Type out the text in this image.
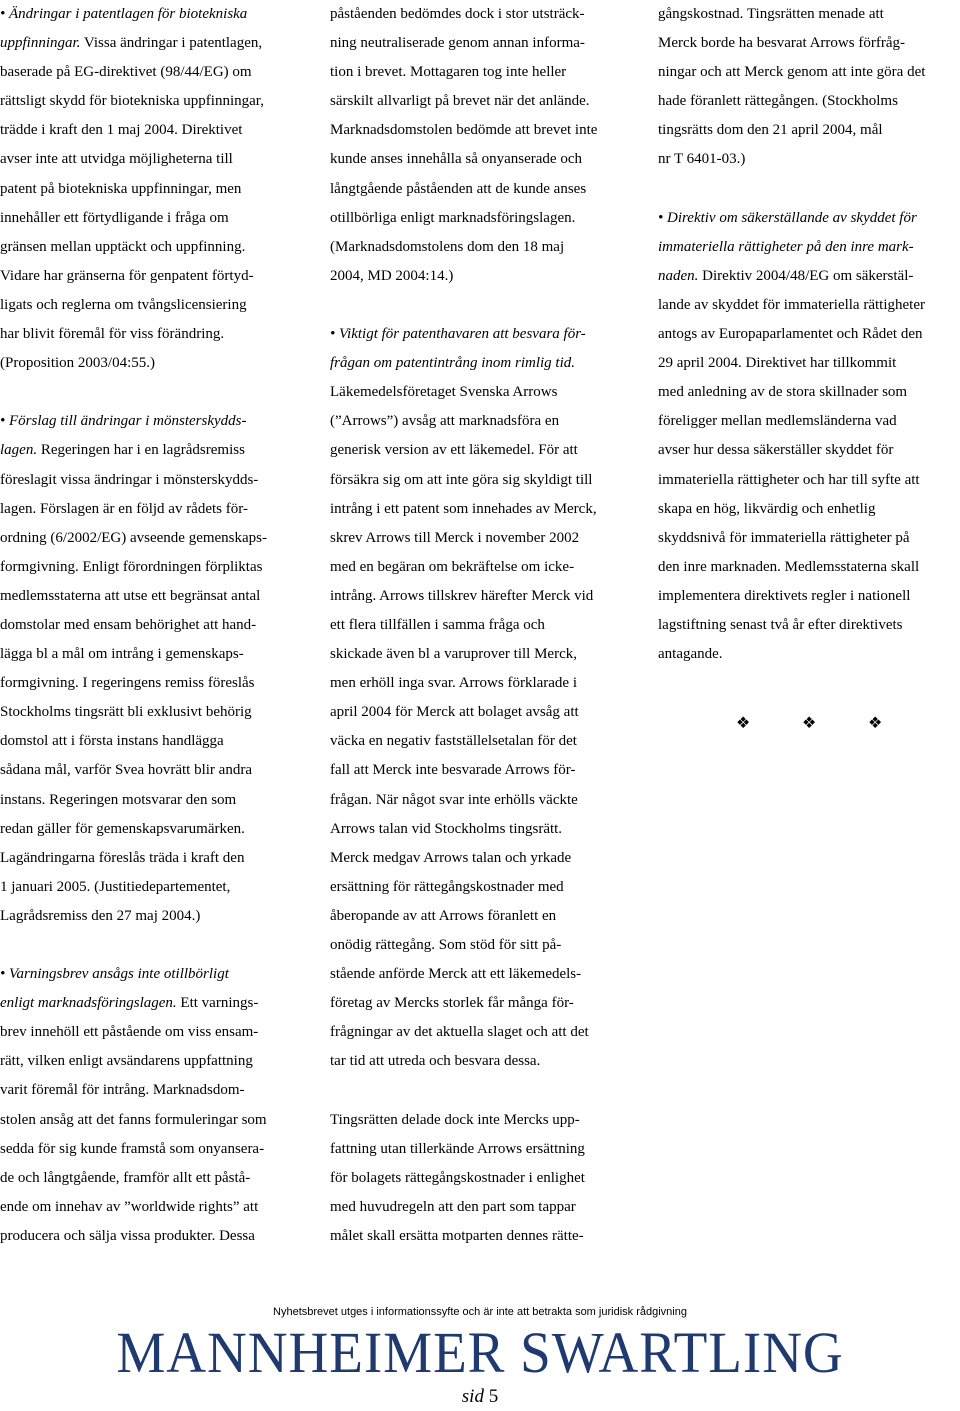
• Ändringar i patentlagen för biotekniska
uppfinningar. Vissa ändringar i patentlagen,
baserade på EG-direktivet (98/44/EG) om
rättsligt skydd för biotekniska uppfinningar,
trädde i kraft den 1 maj 2004. Direktivet
avser inte att utvidga möjligheterna till
patent på biotekniska uppfinningar, men
innehåller ett förtydligande i fråga om
gränsen mellan upptäckt och uppfinning.
Vidare har gränserna för genpatent förtyd-
ligats och reglerna om tvångslicensiering
har blivit föremål för viss förändring.
(Proposition 2003/04:55.)
• Förslag till ändringar i mönsterskydds-
lagen. Regeringen har i en lagrådsremiss
föreslagit vissa ändringar i mönsterskydds-
lagen. Förslagen är en följd av rådets för-
ordning (6/2002/EG) avseende gemenskaps-
formgivning. Enligt förordningen förpliktas
medlemsstaterna att utse ett begränsat antal
domstolar med ensam behörighet att hand-
lägga bl a mål om intrång i gemenskaps-
formgivning. I regeringens remiss föreslås
Stockholms tingsrätt bli exklusivt behörig
domstol att i första instans handlägga
sådana mål, varför Svea hovrätt blir andra
instans. Regeringen motsvarar den som
redan gäller för gemenskapsvarumärken.
Lagändringarna föreslås träda i kraft den
1 januari 2005. (Justitiedepartementet,
Lagrådsremiss den 27 maj 2004.)
• Varningsbrev ansågs inte otillbörligt
enligt marknadsföringslagen. Ett varnings-
brev innehöll ett påstående om viss ensam-
rätt, vilken enligt avsändarens uppfattning
varit föremål för intrång. Marknadsdom-
stolen ansåg att det fanns formuleringar som
sedda för sig kunde framstå som onyansera-
de och långtgående, framför allt ett påstå-
ende om innehav av ”worldwide rights” att
producera och sälja vissa produkter. Dessa
påståenden bedömdes dock i stor utsträck-
ning neutraliserade genom annan informa-
tion i brevet. Mottagaren tog inte heller
särskilt allvarligt på brevet när det anlände.
Marknadsdomstolen bedömde att brevet inte
kunde anses innehålla så onyanserade och
långtgående påståenden att de kunde anses
otillbörliga enligt marknadsföringslagen.
(Marknadsdomstolens dom den 18 maj
2004, MD 2004:14.)
• Viktigt för patenthavaren att besvara för-
frågan om patentintrång inom rimlig tid.
Läkemedelsföretaget Svenska Arrows
(”Arrows”) avsåg att marknadsföra en
generisk version av ett läkemedel. För att
försäkra sig om att inte göra sig skyldigt till
intrång i ett patent som innehades av Merck,
skrev Arrows till Merck i november 2002
med en begäran om bekräftelse om icke-
intrång. Arrows tillskrev härefter Merck vid
ett flera tillfällen i samma fråga och
skickade även bl a varuprover till Merck,
men erhöll inga svar. Arrows förklarade i
april 2004 för Merck att bolaget avsåg att
väcka en negativ fastställelsetalan för det
fall att Merck inte besvarade Arrows för-
frågan. När något svar inte erhölls väckte
Arrows talan vid Stockholms tingsrätt.
Merck medgav Arrows talan och yrkade
ersättning för rättegångskostnader med
åberopande av att Arrows föranlett en
onödig rättegång. Som stöd för sitt på-
stående anförde Merck att ett läkemedels-
företag av Mercks storlek får många för-
frågningar av det aktuella slaget och att det
tar tid att utreda och besvara dessa.
Tingsrätten delade dock inte Mercks upp-
fattning utan tillerkände Arrows ersättning
för bolagets rättegångskostnader i enlighet
med huvudregeln att den part som tappar
målet skall ersätta motparten dennes rätte-
gångskostnad. Tingsrätten menade att
Merck borde ha besvarat Arrows förfråg-
ningar och att Merck genom att inte göra det
hade föranlett rättegången. (Stockholms
tingsrätts dom den 21 april 2004, mål
nr T 6401-03.)
• Direktiv om säkerställande av skyddet för
immateriella rättigheter på den inre mark-
naden. Direktiv 2004/48/EG om säkerstäl-
lande av skyddet för immateriella rättigheter
antogs av Europaparlamentet och Rådet den
29 april 2004. Direktivet har tillkommit
med anledning av de stora skillnader som
föreligger mellan medlemsländerna vad
avser hur dessa säkerställer skyddet för
immateriella rättigheter och har till syfte att
skapa en hög, likvärdig och enhetlig
skyddsnivå för immateriella rättigheter på
den inre marknaden. Medlemsstaterna skall
implementera direktivets regler i nationell
lagstiftning senast två år efter direktivets
antagande.
❖	❖	❖
Nyhetsbrevet utges i informationssyfte och är inte att betrakta som juridisk rådgivning
MANNHEIMER SWARTLING
sid 5
